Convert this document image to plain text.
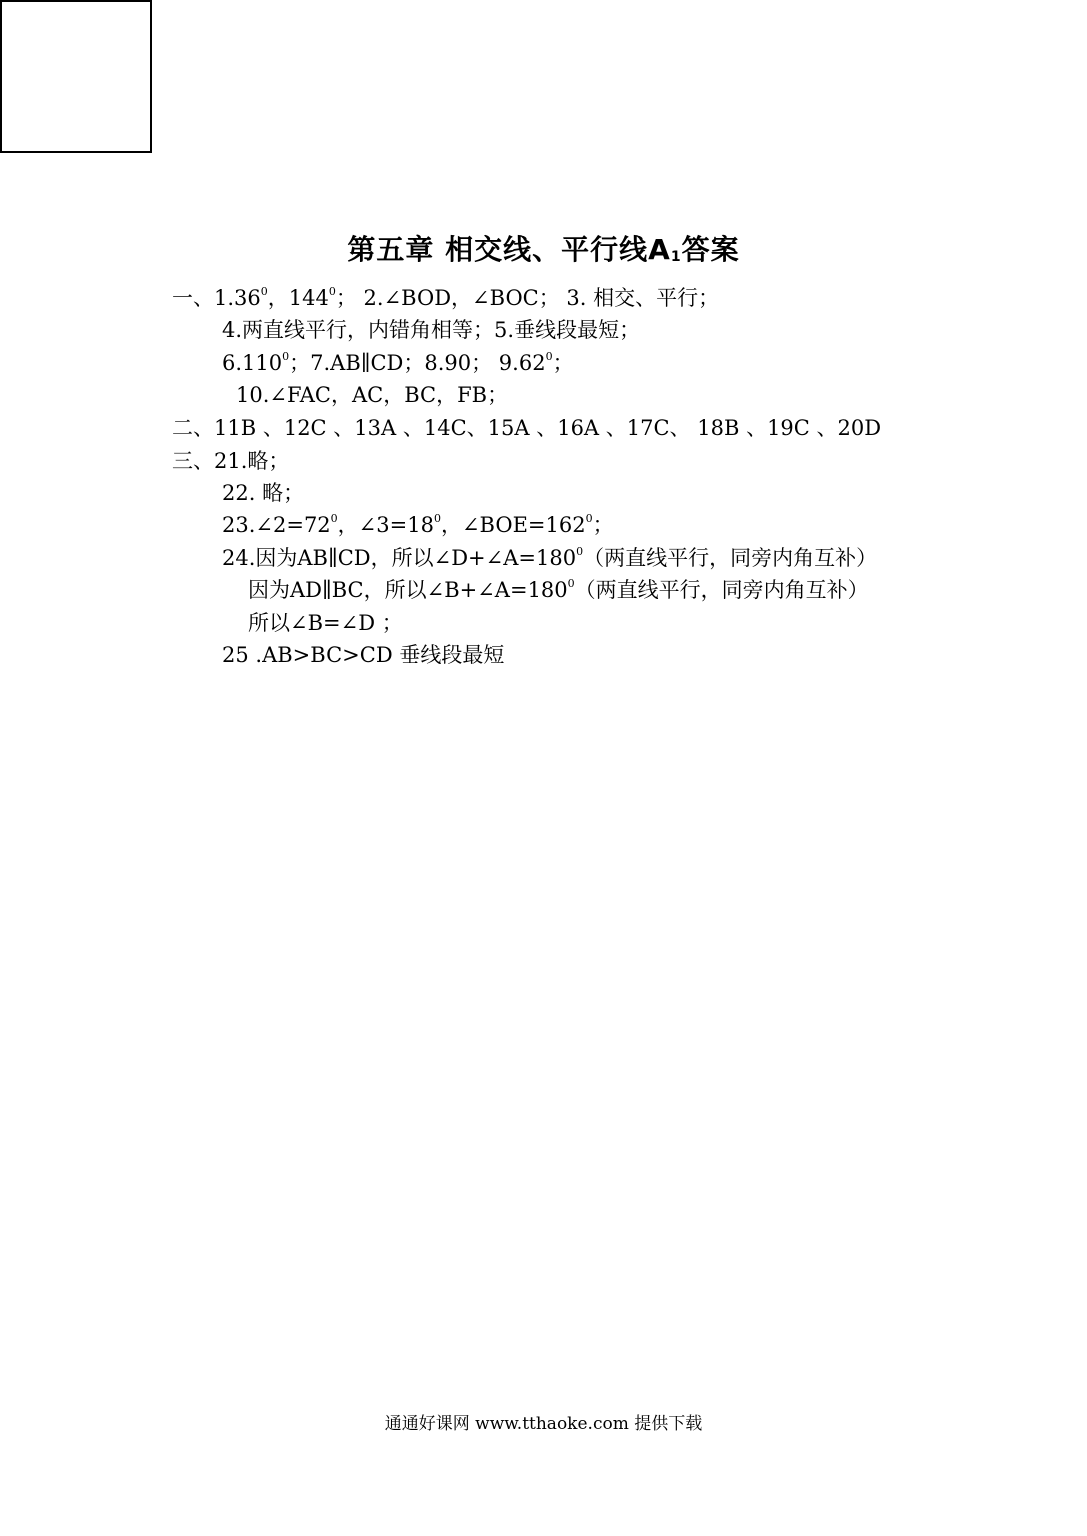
第五章 相交线、平行线$A_1$答案
一、1.36$^0$，$144^0$； 2.∠BOD，∠BOC； 3. 相交、平行；
4.两直线平行，内错角相等；5.垂线段最短；
6.110$^0$；7.AB∥CD；8.90； 9.62$^0$；
10.∠FAC，AC，BC，FB；
二、11B 、12C 、13A 、14C、15A 、16A 、17C、 18B 、19C 、20D
三、21.略；
22. 略；
$23.\angle 2=72^0$，$\angle 3=18^0$，$\angle BOE=162^0$；
24.因为AB∥CD，所以$\angle D+\angle A=180^0$（两直线平行，同旁内角互补）
因为AD∥BC，所以$\angle B+\angle A=180^0$（两直线平行，同旁内角互补）
所以∠B=∠D ；
25 .AB>BC>CD 垂线段最短
通通好课网 www.tthaoke.com 提供下载
